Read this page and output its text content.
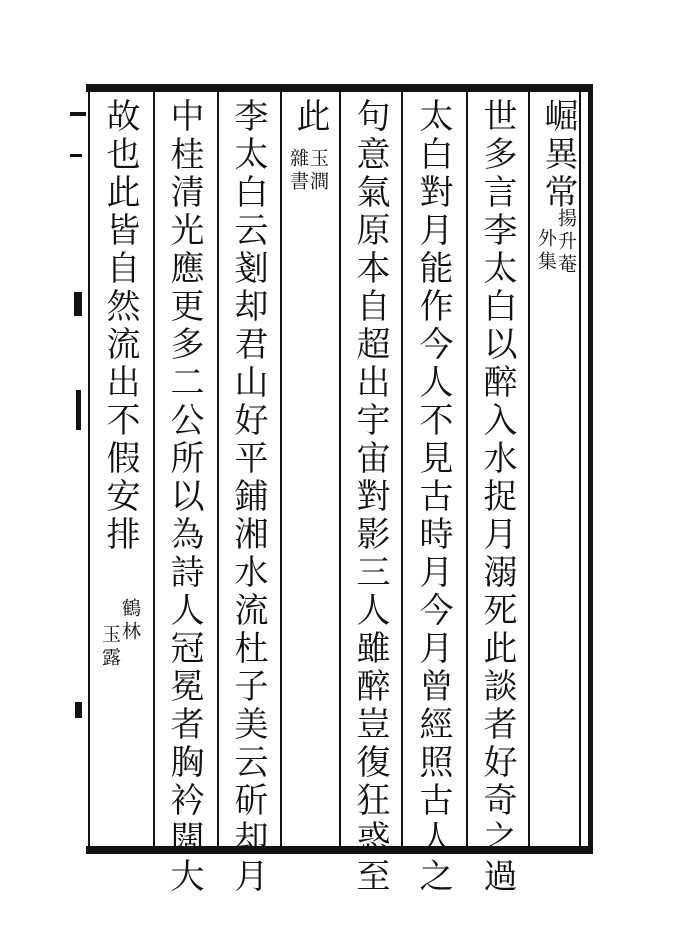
崛異常
揚升菴
外集
世多言李太白以醉入水捉月溺死此談者好奇之過
太白對月能作今人不見古時月今月曾經照古人之
句意氣原本自超出宇宙對影三人雖醉豈復狂惑至
此
玉澗
雜書
李太白云剗却君山好平鋪湘水流杜子美云斫却月
中桂清光應更多二公所以為詩人冠冕者胸衿闊大
故也此皆自然流出不假安排
鶴林
玉露
